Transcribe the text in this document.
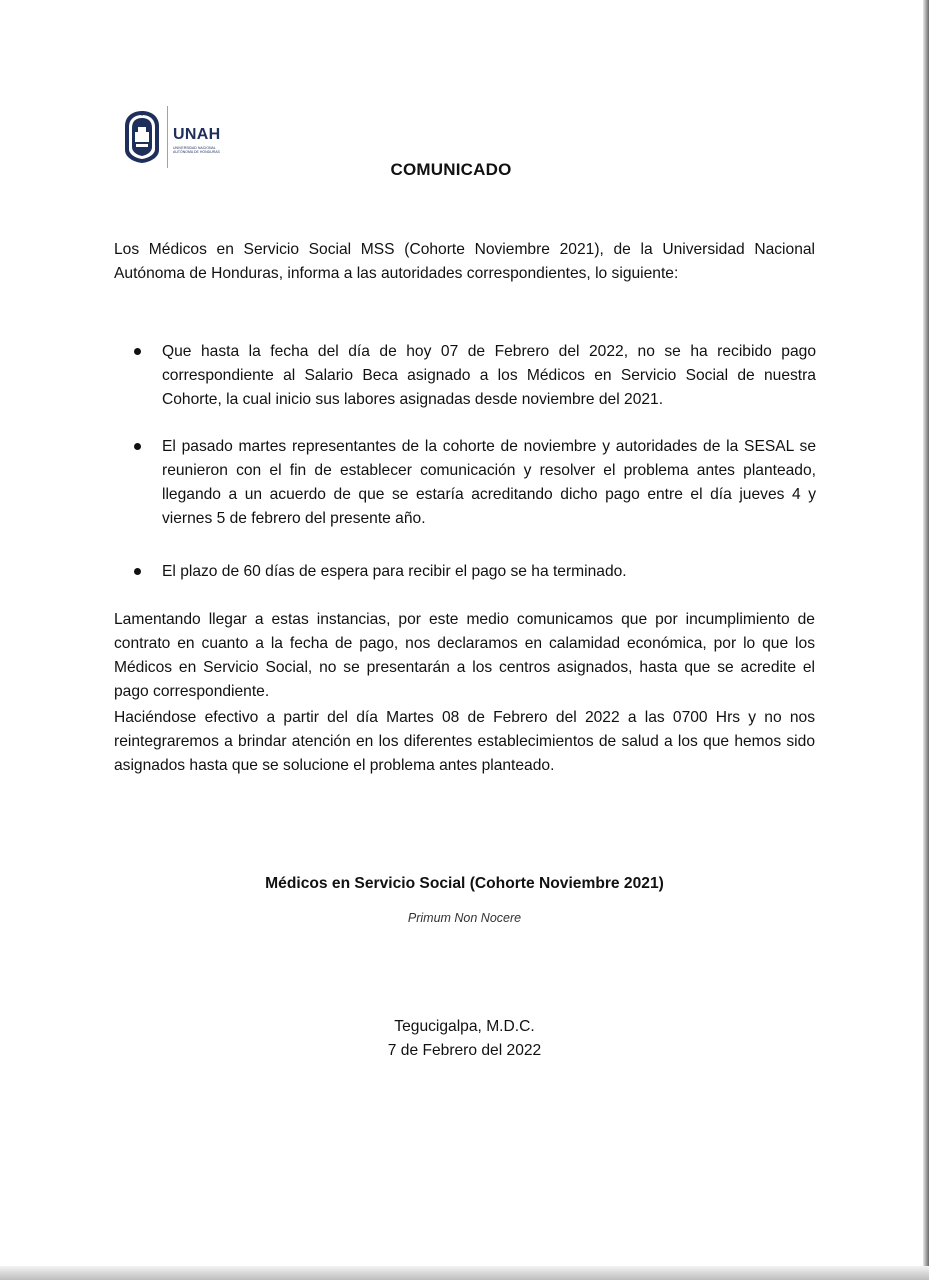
UNAH
UNIVERSIDAD NACIONAL AUTÓNOMA DE HONDURAS
COMUNICADO

Los Médicos en Servicio Social MSS (Cohorte Noviembre 2021), de la Universidad Nacional Autónoma de Honduras, informa a las autoridades correspondientes, lo siguiente:

Que hasta la fecha del día de hoy 07 de Febrero del 2022, no se ha recibido pago correspondiente al Salario Beca asignado a los Médicos en Servicio Social de nuestra Cohorte, la cual inicio sus labores asignadas desde noviembre del 2021.
El pasado martes representantes de la cohorte de noviembre y autoridades de la SESAL se reunieron con el fin de establecer comunicación y resolver el problema antes planteado, llegando a un acuerdo de que se estaría acreditando dicho pago entre el día jueves 4 y viernes 5 de febrero del presente año.
El plazo de 60 días de espera para recibir el pago se ha terminado.

Lamentando llegar a estas instancias, por este medio comunicamos que por incumplimiento de contrato en cuanto a la fecha de pago, nos declaramos en calamidad económica, por lo que los Médicos en Servicio Social, no se presentarán a los centros asignados, hasta que se acredite el pago correspondiente.

Haciéndose efectivo a partir del día Martes 08 de Febrero del 2022 a las 0700 Hrs y no nos reintegraremos a brindar atención en los diferentes establecimientos de salud a los que hemos sido asignados hasta que se solucione el problema antes planteado.

Médicos en Servicio Social (Cohorte Noviembre 2021)

Primum Non Nocere

Tegucigalpa, M.D.C.
7 de Febrero del 2022
